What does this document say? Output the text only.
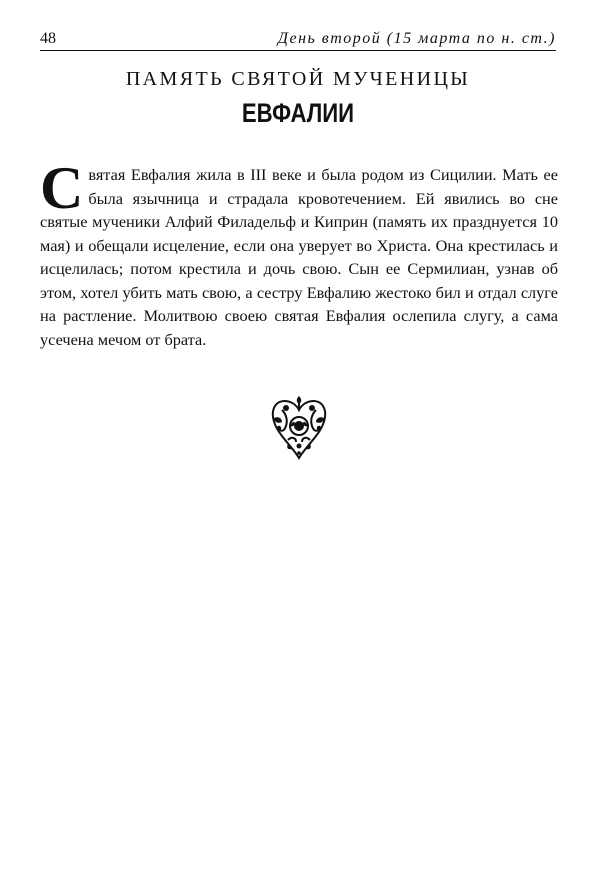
48	День второй (15 марта по н. ст.)
ПАМЯТЬ СВЯТОЙ МУЧЕНИЦЫ
ЕВФАЛИИ

Святая Евфалия жила в III веке и была родом из Сицилии. Мать ее была язычница и страдала кровотечением. Ей явились во сне святые мученики Алфий Филадельф и Киприн (память их празднуется 10 мая) и обещали исцеление, если она уверует во Христа. Она крестилась и исцелилась; потом крестила и дочь свою. Сын ее Сермилиан, узнав об этом, хотел убить мать свою, а сестру Евфалию жестоко бил и отдал слуге на растление. Молитвою своею святая Евфалия ослепила слугу, а сама усечена мечом от брата.
